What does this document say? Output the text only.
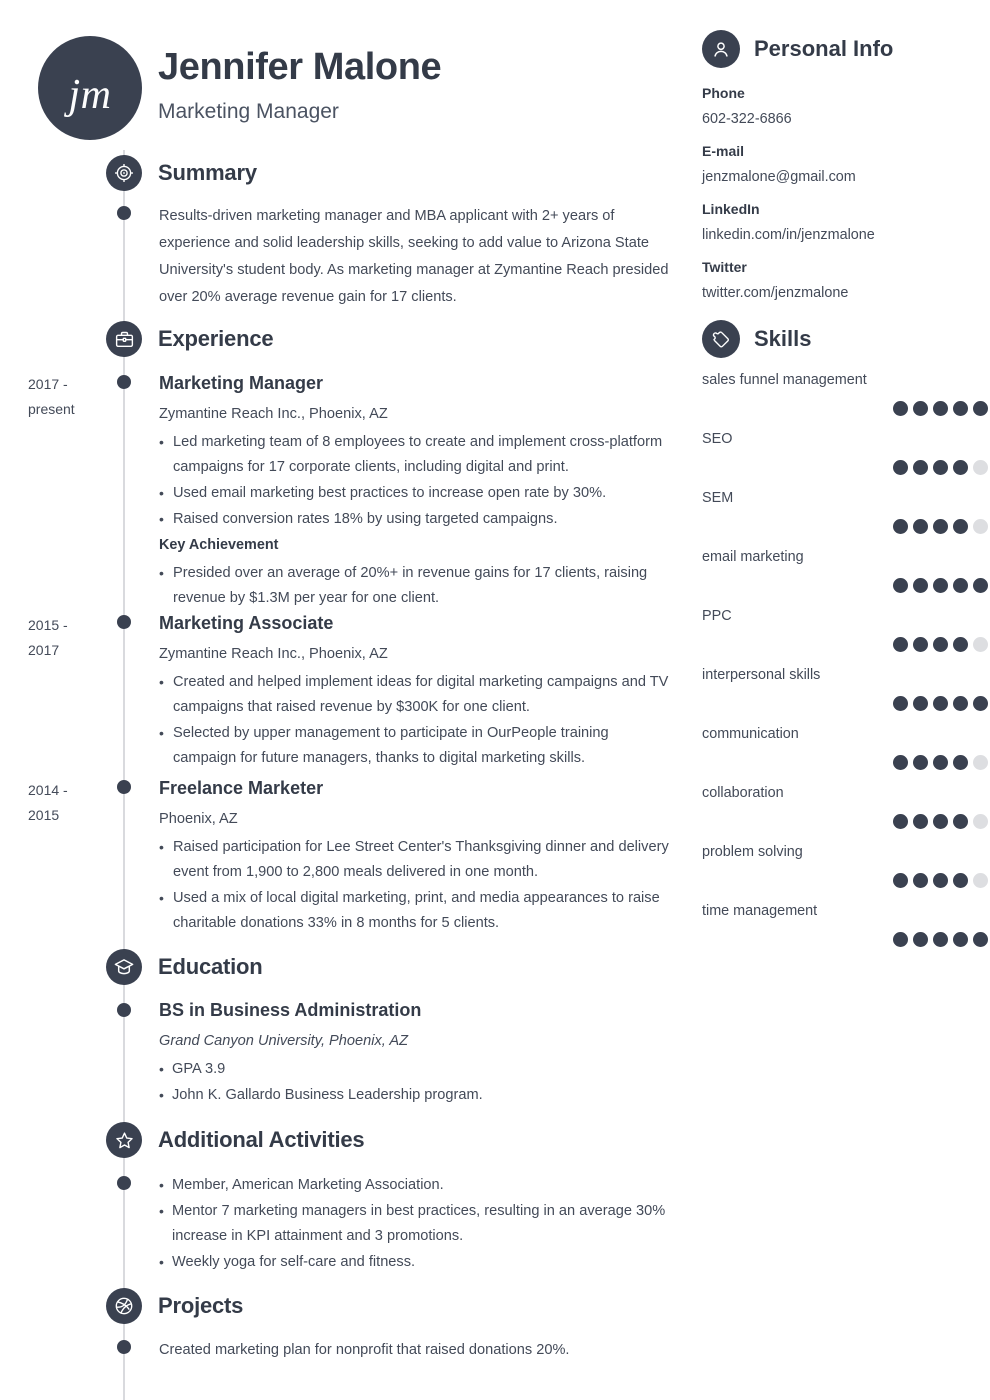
jm
Jennifer Malone
Marketing Manager
Summary
Results-driven marketing manager and MBA applicant with 2+ years of experience and solid leadership skills, seeking to add value to Arizona State University's student body. As marketing manager at Zymantine Reach presided over 20% average revenue gain for 17 clients.
Experience
2017 -
present
Marketing Manager
Zymantine Reach Inc., Phoenix, AZ
• Led marketing team of 8 employees to create and implement cross-platform campaigns for 17 corporate clients, including digital and print.
• Used email marketing best practices to increase open rate by 30%.
• Raised conversion rates 18% by using targeted campaigns.
Key Achievement
• Presided over an average of 20%+ in revenue gains for 17 clients, raising revenue by $1.3M per year for one client.
2015 -
2017
Marketing Associate
Zymantine Reach Inc., Phoenix, AZ
• Created and helped implement ideas for digital marketing campaigns and TV campaigns that raised revenue by $300K for one client.
• Selected by upper management to participate in OurPeople training campaign for future managers, thanks to digital marketing skills.
2014 -
2015
Freelance Marketer
Phoenix, AZ
• Raised participation for Lee Street Center's Thanksgiving dinner and delivery event from 1,900 to 2,800 meals delivered in one month.
• Used a mix of local digital marketing, print, and media appearances to raise charitable donations 33% in 8 months for 5 clients.
Education
BS in Business Administration
Grand Canyon University, Phoenix, AZ
• GPA 3.9
• John K. Gallardo Business Leadership program.
Additional Activities
• Member, American Marketing Association.
• Mentor 7 marketing managers in best practices, resulting in an average 30% increase in KPI attainment and 3 promotions.
• Weekly yoga for self-care and fitness.
Projects
Created marketing plan for nonprofit that raised donations 20%.
Personal Info
Phone
602-322-6866
E-mail
jenzmalone@gmail.com
LinkedIn
linkedin.com/in/jenzmalone
Twitter
twitter.com/jenzmalone
Skills
sales funnel management
SEO
SEM
email marketing
PPC
interpersonal skills
communication
collaboration
problem solving
time management
